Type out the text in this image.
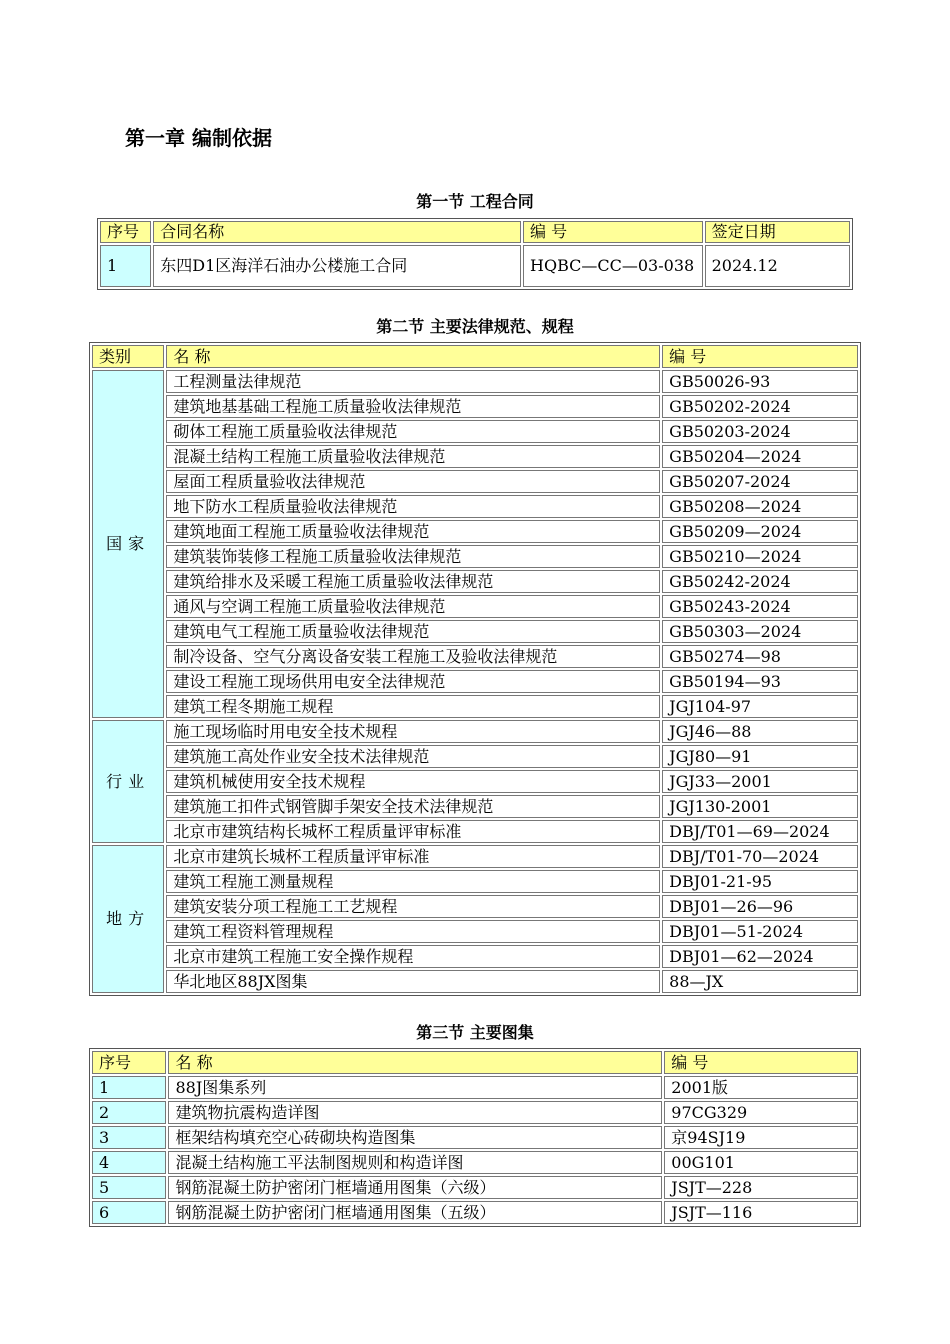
第一章 编制依据
第一节 工程合同
序号	合同名称	编 号	签定日期
1	东四D1区海洋石油办公楼施工合同	HQBC—CC—03-038	2024.12
第二节 主要法律规范、规程
类别	名 称	编 号
国家	工程测量法律规范	GB50026-93
	建筑地基基础工程施工质量验收法律规范	GB50202-2024
	砌体工程施工质量验收法律规范	GB50203-2024
	混凝土结构工程施工质量验收法律规范	GB50204—2024
	屋面工程质量验收法律规范	GB50207-2024
	地下防水工程质量验收法律规范	GB50208—2024
	建筑地面工程施工质量验收法律规范	GB50209—2024
	建筑装饰装修工程施工质量验收法律规范	GB50210—2024
	建筑给排水及采暖工程施工质量验收法律规范	GB50242-2024
	通风与空调工程施工质量验收法律规范	GB50243-2024
	建筑电气工程施工质量验收法律规范	GB50303—2024
	制冷设备、空气分离设备安装工程施工及验收法律规范	GB50274—98
	建设工程施工现场供用电安全法律规范	GB50194—93
	建筑工程冬期施工规程	JGJ104-97
行业	施工现场临时用电安全技术规程	JGJ46—88
	建筑施工高处作业安全技术法律规范	JGJ80—91
	建筑机械使用安全技术规程	JGJ33—2001
	建筑施工扣件式钢管脚手架安全技术法律规范	JGJ130-2001
	北京市建筑结构长城杯工程质量评审标准	DBJ/T01—69—2024
地方	北京市建筑长城杯工程质量评审标准	DBJ/T01-70—2024
	建筑工程施工测量规程	DBJ01-21-95
	建筑安装分项工程施工工艺规程	DBJ01—26—96
	建筑工程资料管理规程	DBJ01—51-2024
	北京市建筑工程施工安全操作规程	DBJ01—62—2024
	华北地区88JX图集	88—JX
第三节 主要图集
序号	名 称	编 号
1	88J图集系列	2001版
2	建筑物抗震构造详图	97CG329
3	框架结构填充空心砖砌块构造图集	京94SJ19
4	混凝土结构施工平法制图规则和构造详图	00G101
5	钢筋混凝土防护密闭门框墙通用图集（六级）	JSJT—228
6	钢筋混凝土防护密闭门框墙通用图集（五级）	JSJT—116
